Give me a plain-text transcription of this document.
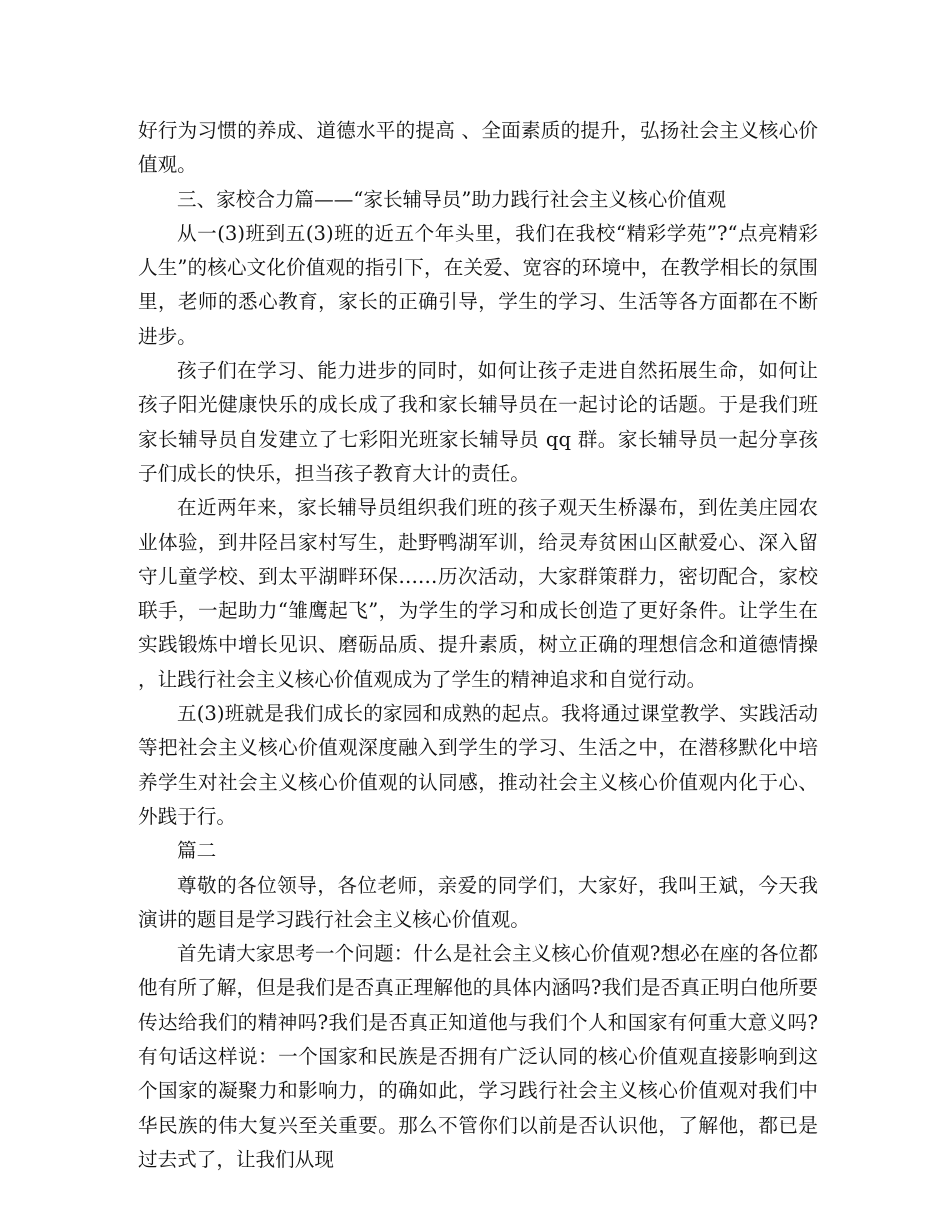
好行为习惯的养成、道德水平的提高 、全面素质的提升，弘扬社会主义核心价值观。

三、家校合力篇——“家长辅导员”助力践行社会主义核心价值观

从一(3)班到五(3)班的近五个年头里，我们在我校“精彩学苑”?“点亮精彩人生”的核心文化价值观的指引下，在关爱、宽容的环境中，在教学相长的氛围里，老师的悉心教育，家长的正确引导，学生的学习、生活等各方面都在不断进步。

孩子们在学习、能力进步的同时，如何让孩子走进自然拓展生命，如何让孩子阳光健康快乐的成长成了我和家长辅导员在一起讨论的话题。于是我们班家长辅导员自发建立了七彩阳光班家长辅导员 qq 群。家长辅导员一起分享孩子们成长的快乐，担当孩子教育大计的责任。

在近两年来，家长辅导员组织我们班的孩子观天生桥瀑布，到佐美庄园农业体验，到井陉吕家村写生，赴野鸭湖军训，给灵寿贫困山区献爱心、深入留守儿童学校、到太平湖畔环保……历次活动，大家群策群力，密切配合，家校联手，一起助力“雏鹰起飞”，为学生的学习和成长创造了更好条件。让学生在实践锻炼中增长见识、磨砺品质、提升素质，树立正确的理想信念和道德情操，让践行社会主义核心价值观成为了学生的精神追求和自觉行动。

五(3)班就是我们成长的家园和成熟的起点。我将通过课堂教学、实践活动等把社会主义核心价值观深度融入到学生的学习、生活之中，在潜移默化中培养学生对社会主义核心价值观的认同感，推动社会主义核心价值观内化于心、外践于行。

篇二

尊敬的各位领导，各位老师，亲爱的同学们，大家好，我叫王斌，今天我演讲的题目是学习践行社会主义核心价值观。

首先请大家思考一个问题：什么是社会主义核心价值观?想必在座的各位都他有所了解，但是我们是否真正理解他的具体内涵吗?我们是否真正明白他所要传达给我们的精神吗?我们是否真正知道他与我们个人和国家有何重大意义吗?有句话这样说：一个国家和民族是否拥有广泛认同的核心价值观直接影响到这个国家的凝聚力和影响力，的确如此，学习践行社会主义核心价值观对我们中华民族的伟大复兴至关重要。那么不管你们以前是否认识他，了解他，都已是过去式了，让我们从现
